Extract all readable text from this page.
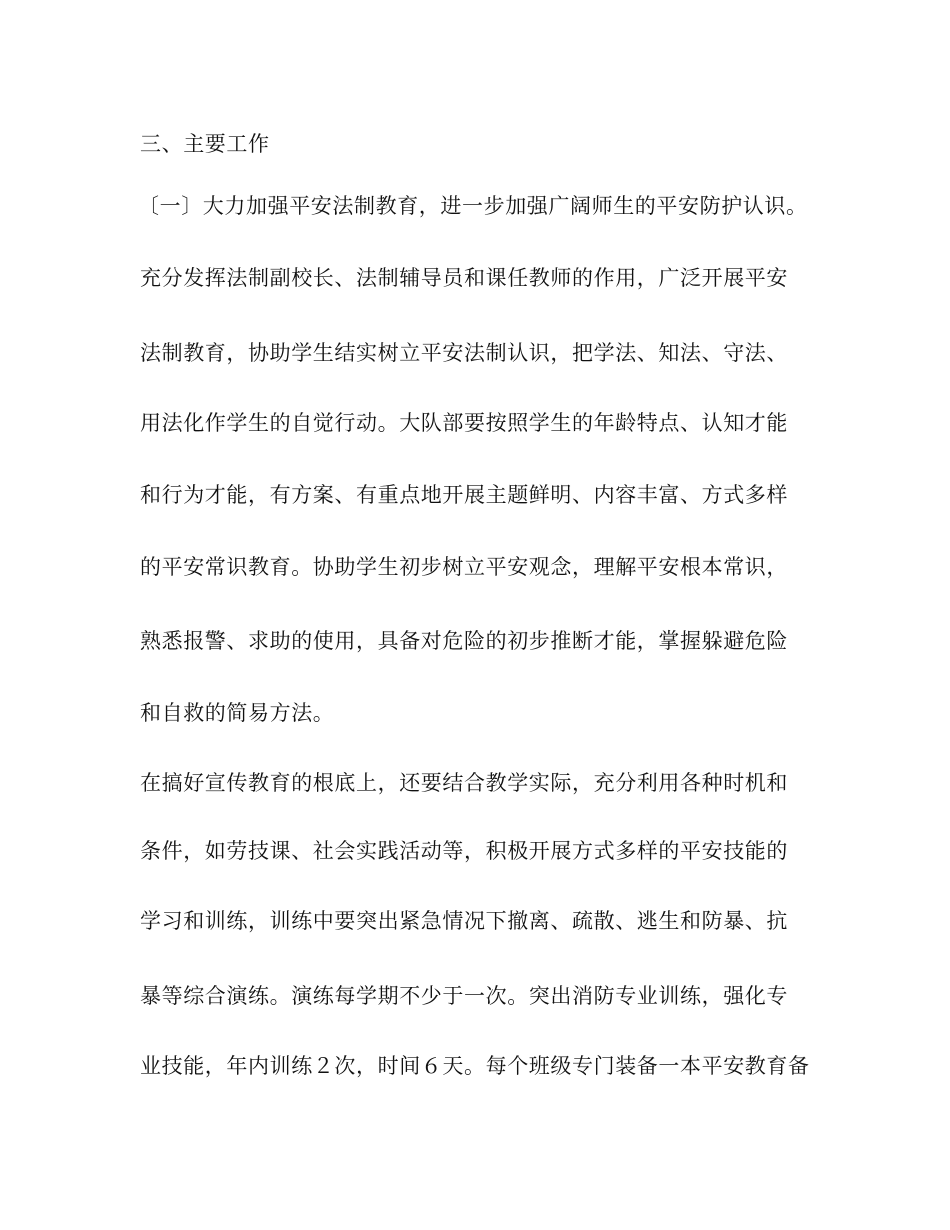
三、主要工作
〔一〕大力加强平安法制教育，进一步加强广阔师生的平安防护认识。
充分发挥法制副校长、法制辅导员和课任教师的作用，广泛开展平安
法制教育，协助学生结实树立平安法制认识，把学法、知法、守法、
用法化作学生的自觉行动。大队部要按照学生的年龄特点、认知才能
和行为才能，有方案、有重点地开展主题鲜明、内容丰富、方式多样
的平安常识教育。协助学生初步树立平安观念，理解平安根本常识，
熟悉报警、求助的使用，具备对危险的初步推断才能，掌握躲避危险
和自救的简易方法。
在搞好宣传教育的根底上，还要结合教学实际，充分利用各种时机和
条件，如劳技课、社会实践活动等，积极开展方式多样的平安技能的
学习和训练，训练中要突出紧急情况下撤离、疏散、逃生和防暴、抗
暴等综合演练。演练每学期不少于一次。突出消防专业训练，强化专
业技能，年内训练２次，时间６天。每个班级专门装备一本平安教育备
